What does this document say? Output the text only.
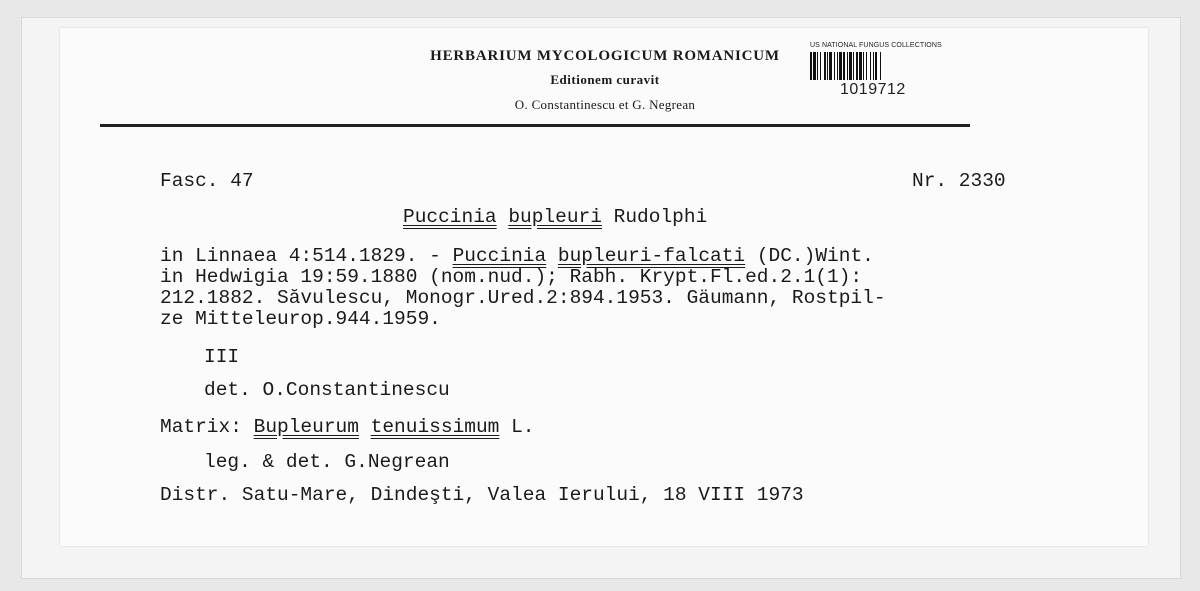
HERBARIUM MYCOLOGICUM ROMANICUM
Editionem curavit
O. Constantinescu et G. Negrean
US NATIONAL FUNGUS COLLECTIONS
1019712
Fasc. 47	Nr. 2330
Puccinia bupleuri Rudolphi
in Linnaea 4:514.1829. - Puccinia bupleuri-falcati (DC.)Wint.
in Hedwigia 19:59.1880 (nom.nud.); Rabh. Krypt.Fl.ed.2.1(1):
212.1882. Săvulescu, Monogr.Ured.2:894.1953. Gäumann, Rostpil-
ze Mitteleurop.944.1959.
III
det. O.Constantinescu
Matrix: Bupleurum tenuissimum L.
leg. & det. G.Negrean
Distr. Satu-Mare, Dindeşti, Valea Ierului, 18 VIII 1973
